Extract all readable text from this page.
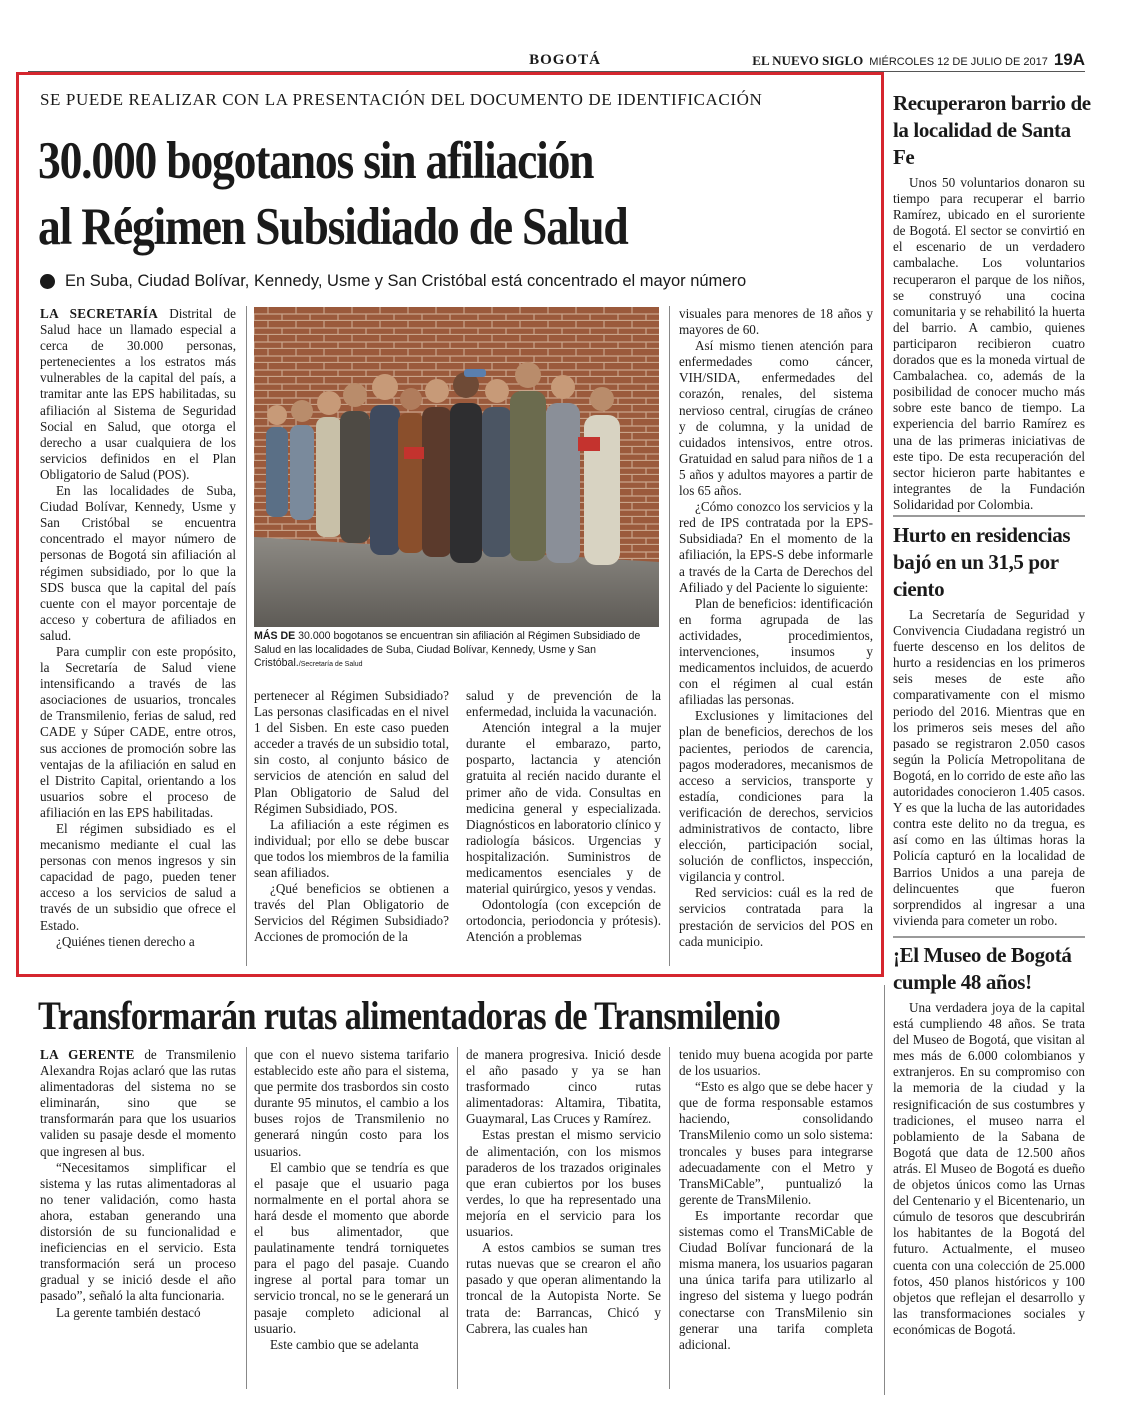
BOGOTÁ	EL NUEVO SIGLO MIÉRCOLES 12 DE JULIO DE 2017 19A
SE PUEDE REALIZAR CON LA PRESENTACIÓN DEL DOCUMENTO DE IDENTIFICACIÓN
30.000 bogotanos sin afiliación
al Régimen Subsidiado de Salud
En Suba, Ciudad Bolívar, Kennedy, Usme y San Cristóbal está concentrado el mayor número

LA SECRETARÍA Distrital de Salud hace un llamado especial a cerca de 30.000 personas, pertenecientes a los estratos más vulnerables de la capital del país, a tramitar ante las EPS habilitadas, su afiliación al Sistema de Seguridad Social en Salud, que otorga el derecho a usar cualquiera de los servicios definidos en el Plan Obligatorio de Salud (POS).

En las localidades de Suba, Ciudad Bolívar, Kennedy, Usme y San Cristóbal se encuentra concentrado el mayor número de personas de Bogotá sin afiliación al régimen subsidiado, por lo que la SDS busca que la capital del país cuente con el mayor porcentaje de acceso y cobertura de afiliados en salud.

Para cumplir con este propósito, la Secretaría de Salud viene intensificando a través de las asociaciones de usuarios, troncales de Transmilenio, ferias de salud, red CADE y Súper CADE, entre otros, sus acciones de promoción sobre las ventajas de la afiliación en salud en el Distrito Capital, orientando a los usuarios sobre el proceso de afiliación en las EPS habilitadas.

El régimen subsidiado es el mecanismo mediante el cual las personas con menos ingresos y sin capacidad de pago, pueden tener acceso a los servicios de salud a través de un subsidio que ofrece el Estado.

¿Quiénes tienen derecho a

MÁS DE 30.000 bogotanos se encuentran sin afiliación al Régimen Subsidiado de Salud en las localidades de Suba, Ciudad Bolívar, Kennedy, Usme y San Cristóbal./Secretaría de Salud

pertenecer al Régimen Subsidiado? Las personas clasificadas en el nivel 1 del Sisben. En este caso pueden acceder a través de un subsidio total, sin costo, al conjunto básico de servicios de atención en salud del Plan Obligatorio de Salud del Régimen Subsidiado, POS.

La afiliación a este régimen es individual; por ello se debe buscar que todos los miembros de la familia sean afiliados.

¿Qué beneficios se obtienen a través del Plan Obligatorio de Servicios del Régimen Subsidiado? Acciones de promoción de la

salud y de prevención de la enfermedad, incluida la vacunación.

Atención integral a la mujer durante el embarazo, parto, posparto, lactancia y atención gratuita al recién nacido durante el primer año de vida. Consultas en medicina general y especializada. Diagnósticos en laboratorio clínico y radiología básicos. Urgencias y hospitalización. Suministros de medicamentos esenciales y de material quirúrgico, yesos y vendas.

Odontología (con excepción de ortodoncia, periodoncia y prótesis). Atención a problemas

visuales para menores de 18 años y mayores de 60.

Así mismo tienen atención para enfermedades como cáncer, VIH/SIDA, enfermedades del corazón, renales, del sistema nervioso central, cirugías de cráneo y de columna, y la unidad de cuidados intensivos, entre otros. Gratuidad en salud para niños de 1 a 5 años y adultos mayores a partir de los 65 años.

¿Cómo conozco los servicios y la red de IPS contratada por la EPS-Subsidiada? En el momento de la afiliación, la EPS-S debe informarle a través de la Carta de Derechos del Afiliado y del Paciente lo siguiente:

Plan de beneficios: identificación en forma agrupada de las actividades, procedimientos, intervenciones, insumos y medicamentos incluidos, de acuerdo con el régimen al cual están afiliadas las personas.

Exclusiones y limitaciones del plan de beneficios, derechos de los pacientes, periodos de carencia, pagos moderadores, mecanismos de acceso a servicios, transporte y estadía, condiciones para la verificación de derechos, servicios administrativos de contacto, libre elección, participación social, solución de conflictos, inspección, vigilancia y control.

Red servicios: cuál es la red de servicios contratada para la prestación de servicios del POS en cada municipio.

Recuperaron barrio de la localidad de Santa Fe

Unos 50 voluntarios donaron su tiempo para recuperar el barrio Ramírez, ubicado en el suroriente de Bogotá. El sector se convirtió en el escenario de un verdadero cambalache. Los voluntarios recuperaron el parque de los niños, se construyó una cocina comunitaria y se rehabilitó la huerta del barrio. A cambio, quienes participaron recibieron cuatro dorados que es la moneda virtual de Cambalachea. co, además de la posibilidad de conocer mucho más sobre este banco de tiempo. La experiencia del barrio Ramírez es una de las primeras iniciativas de este tipo. De esta recuperación del sector hicieron parte habitantes e integrantes de la Fundación Solidaridad por Colombia.

Hurto en residencias bajó en un 31,5 por ciento

La Secretaría de Seguridad y Convivencia Ciudadana registró un fuerte descenso en los delitos de hurto a residencias en los primeros seis meses de este año comparativamente con el mismo periodo del 2016. Mientras que en los primeros seis meses del año pasado se registraron 2.050 casos según la Policía Metropolitana de Bogotá, en lo corrido de este año las autoridades conocieron 1.405 casos. Y es que la lucha de las autoridades contra este delito no da tregua, es así como en las últimas horas la Policía capturó en la localidad de Barrios Unidos a una pareja de delincuentes que fueron sorprendidos al ingresar a una vivienda para cometer un robo.

¡El Museo de Bogotá cumple 48 años!

Una verdadera joya de la capital está cumpliendo 48 años. Se trata del Museo de Bogotá, que visitan al mes más de 6.000 colombianos y extranjeros. En su compromiso con la memoria de la ciudad y la resignificación de sus costumbres y tradiciones, el museo narra el poblamiento de la Sabana de Bogotá que data de 12.500 años atrás. El Museo de Bogotá es dueño de objetos únicos como las Urnas del Centenario y el Bicentenario, un cúmulo de tesoros que descubrirán los habitantes de la Bogotá del futuro. Actualmente, el museo cuenta con una colección de 25.000 fotos, 450 planos históricos y 100 objetos que reflejan el desarrollo y las transformaciones sociales y económicas de Bogotá.

Transformarán rutas alimentadoras de Transmilenio

LA GERENTE de Transmilenio Alexandra Rojas aclaró que las rutas alimentadoras del sistema no se eliminarán, sino que se transformarán para que los usuarios validen su pasaje desde el momento que ingresen al bus.

“Necesitamos simplificar el sistema y las rutas alimentadoras al no tener validación, como hasta ahora, estaban generando una distorsión de su funcionalidad e ineficiencias en el servicio. Esta transformación será un proceso gradual y se inició desde el año pasado”, señaló la alta funcionaria.

La gerente también destacó

que con el nuevo sistema tarifario establecido este año para el sistema, que permite dos trasbordos sin costo durante 95 minutos, el cambio a los buses rojos de Transmilenio no generará ningún costo para los usuarios.

El cambio que se tendría es que el pasaje que el usuario paga normalmente en el portal ahora se hará desde el momento que aborde el bus alimentador, que paulatinamente tendrá torniquetes para el pago del pasaje. Cuando ingrese al portal para tomar un servicio troncal, no se le generará un pasaje completo adicional al usuario.

Este cambio que se adelanta

de manera progresiva. Inició desde el año pasado y ya se han trasformado cinco rutas alimentadoras: Altamira, Tibatita, Guaymaral, Las Cruces y Ramírez.

Estas prestan el mismo servicio de alimentación, con los mismos paraderos de los trazados originales que eran cubiertos por los buses verdes, lo que ha representado una mejoría en el servicio para los usuarios.

A estos cambios se suman tres rutas nuevas que se crearon el año pasado y que operan alimentando la troncal de la Autopista Norte. Se trata de: Barrancas, Chicó y Cabrera, las cuales han

tenido muy buena acogida por parte de los usuarios.

“Esto es algo que se debe hacer y que de forma responsable estamos haciendo, consolidando TransMilenio como un solo sistema: troncales y buses para integrarse adecuadamente con el Metro y TransMiCable”, puntualizó la gerente de TransMilenio.

Es importante recordar que sistemas como el TransMiCable de Ciudad Bolívar funcionará de la misma manera, los usuarios pagaran una única tarifa para utilizarlo al ingreso del sistema y luego podrán conectarse con TransMilenio sin generar una tarifa completa adicional.
